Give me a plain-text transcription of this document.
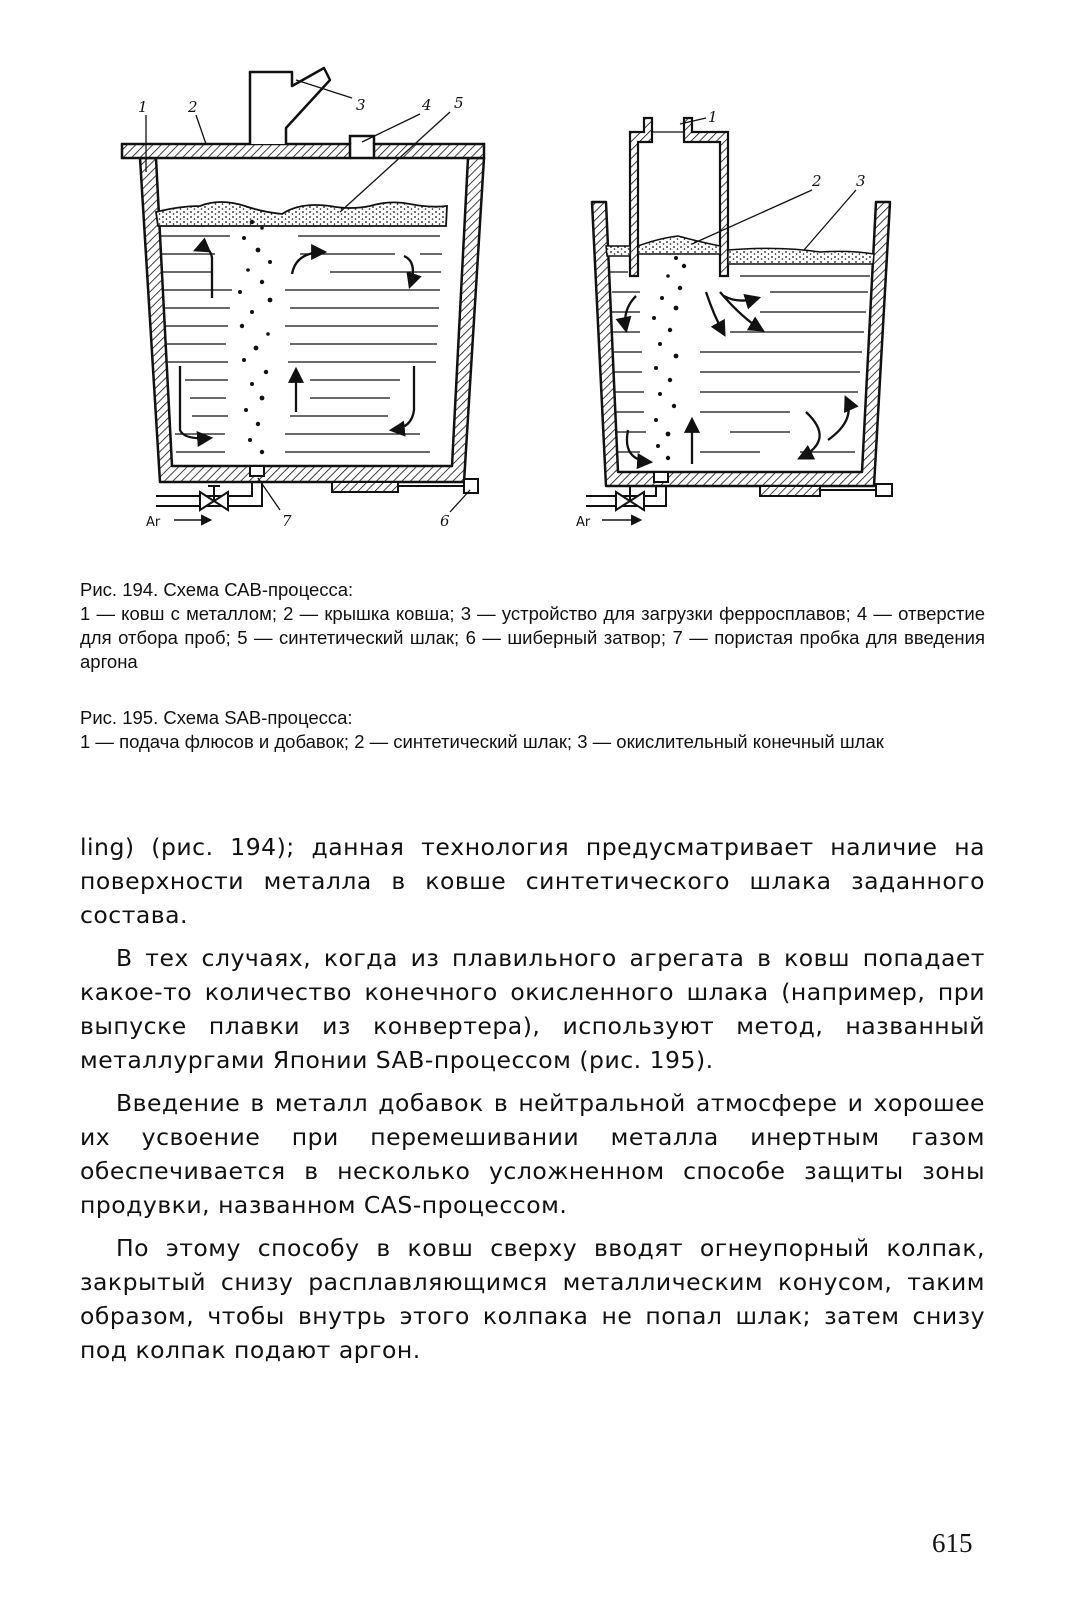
Ar
1	2	3	4 5
7	6	Ar
1
2 3
Рис. 194. Схема САВ-процесса:
1 — ковш с металлом; 2 — крышка ковша; 3 — устройство для загрузки ферросплавов; 4 — отверстие для отбора проб; 5 — синтетический шлак; 6 — шиберный затвор; 7 — пористая пробка для введения аргона
Рис. 195. Схема SAB-процесса:
1 — подача флюсов и добавок; 2 — синтетический шлак; 3 — окислительный конечный шлак

ling) (рис. 194); данная технология предусматривает наличие на поверхности металла в ковше синтетического шлака заданного состава.

В тех случаях, когда из плавильного агрегата в ковш попадает какое-то количество конечного окисленного шлака (например, при выпуске плавки из конвертера), используют метод, названный металлургами Японии SAB-процессом (рис. 195).

Введение в металл добавок в нейтральной атмосфере и хорошее их усвоение при перемешивании металла инертным газом обеспечивается в несколько усложненном способе защиты зоны продувки, названном CAS-процессом.

По этому способу в ковш сверху вводят огнеупорный колпак, закрытый снизу расплавляющимся металлическим конусом, таким образом, чтобы внутрь этого колпака не попал шлак; затем снизу под колпак подают аргон.

615
